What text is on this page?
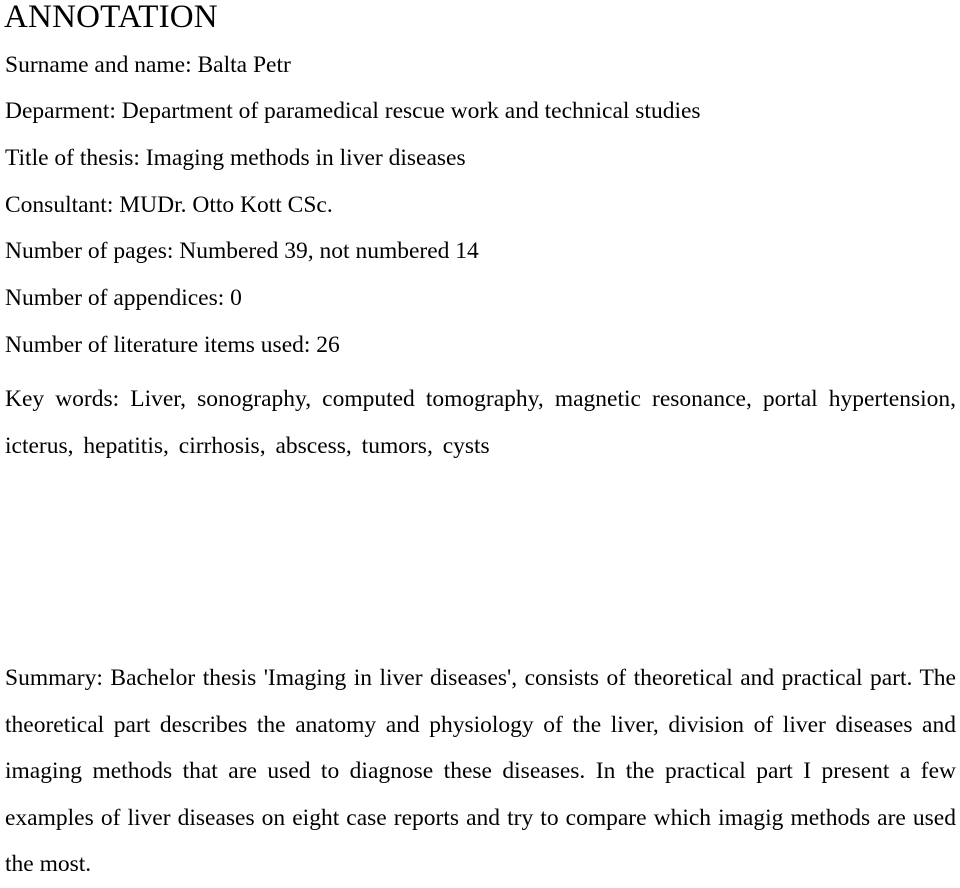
ANNOTATION

Surname and name: Balta Petr

Deparment: Department of paramedical rescue work and technical studies

Title of thesis: Imaging methods in liver diseases

Consultant: MUDr. Otto Kott CSc.

Number of pages: Numbered 39, not numbered 14

Number of appendices: 0

Number of literature items used: 26

Key words: Liver, sonography, computed tomography, magnetic resonance, portal hypertension, icterus, hepatitis, cirrhosis, abscess, tumors, cysts

Summary: Bachelor thesis 'Imaging in liver diseases', consists of theoretical and practical part. The theoretical part describes the anatomy and physiology of the liver, division of liver diseases and imaging methods that are used to diagnose these diseases. In the practical part I present a few examples of liver diseases on eight case reports and try to compare which imagig methods are used the most.
